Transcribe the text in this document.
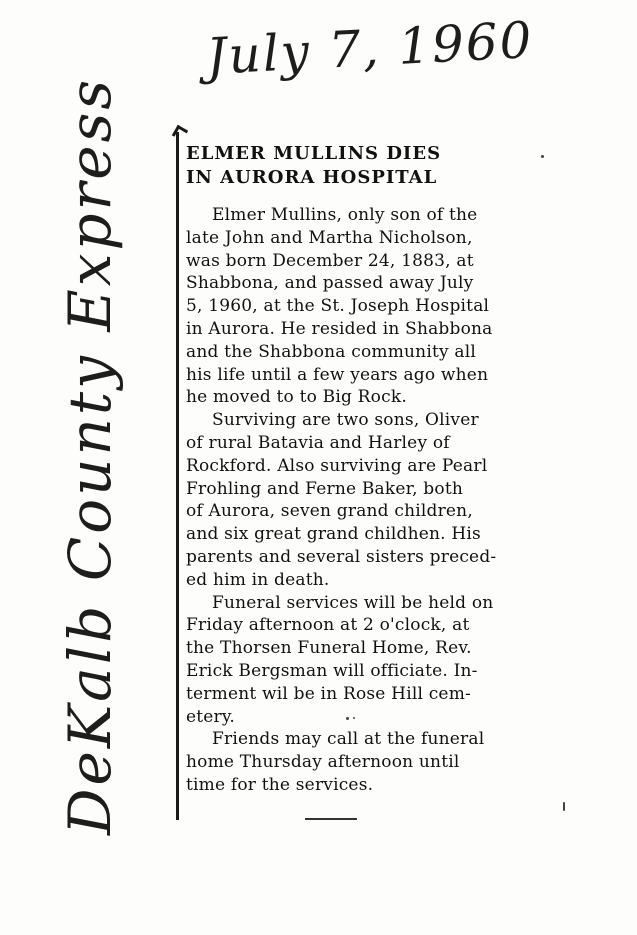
July 7, 1960
DeKalb County Express	ELMER MULLINS DIES
IN AURORA HOSPITAL

Elmer Mullins, only son of the
late John and Martha Nicholson,
was born December 24, 1883, at
Shabbona, and passed away July
5, 1960, at the St. Joseph Hospital
in Aurora. He resided in Shabbona
and the Shabbona community all
his life until a few years ago when
he moved to to Big Rock.

Surviving are two sons, Oliver
of rural Batavia and Harley of
Rockford. Also surviving are Pearl
Frohling and Ferne Baker, both
of Aurora, seven grand children,
and six great grand childhen. His
parents and several sisters preced-
ed him in death.

Funeral services will be held on
Friday afternoon at 2 o'clock, at
the Thorsen Funeral Home, Rev.
Erick Bergsman will officiate. In-
terment wil be in Rose Hill cem-
etery.

Friends may call at the funeral
home Thursday afternoon until
time for the services.
